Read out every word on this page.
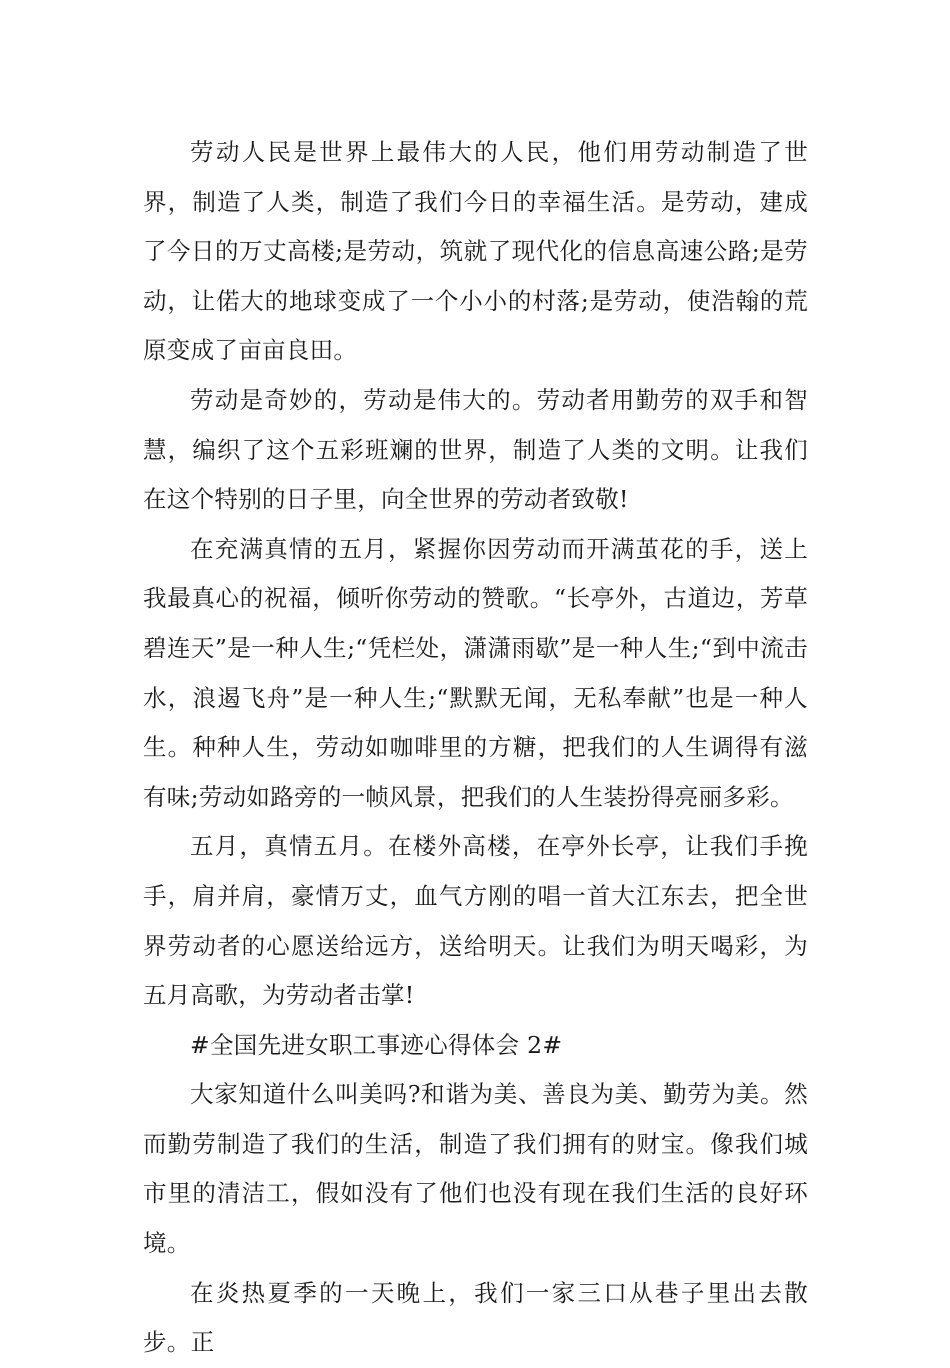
劳动人民是世界上最伟大的人民，他们用劳动制造了世界，制造了人类，制造了我们今日的幸福生活。是劳动，建成了今日的万丈高楼;是劳动，筑就了现代化的信息高速公路;是劳动，让偌大的地球变成了一个小小的村落;是劳动，使浩翰的荒原变成了亩亩良田。

劳动是奇妙的，劳动是伟大的。劳动者用勤劳的双手和智慧，编织了这个五彩班斓的世界，制造了人类的文明。让我们在这个特别的日子里，向全世界的劳动者致敬!

在充满真情的五月，紧握你因劳动而开满茧花的手，送上我最真心的祝福，倾听你劳动的赞歌。“长亭外，古道边，芳草碧连天”是一种人生;“凭栏处，潇潇雨歇”是一种人生;“到中流击水，浪遏飞舟”是一种人生;“默默无闻，无私奉献”也是一种人生。种种人生，劳动如咖啡里的方糖，把我们的人生调得有滋有味;劳动如路旁的一帧风景，把我们的人生装扮得亮丽多彩。

五月，真情五月。在楼外高楼，在亭外长亭，让我们手挽手，肩并肩，豪情万丈，血气方刚的唱一首大江东去，把全世界劳动者的心愿送给远方，送给明天。让我们为明天喝彩，为五月高歌，为劳动者击掌!

#全国先进女职工事迹心得体会 2#

大家知道什么叫美吗?和谐为美、善良为美、勤劳为美。然而勤劳制造了我们的生活，制造了我们拥有的财宝。像我们城市里的清洁工，假如没有了他们也没有现在我们生活的良好环境。

在炎热夏季的一天晚上，我们一家三口从巷子里出去散步。正
